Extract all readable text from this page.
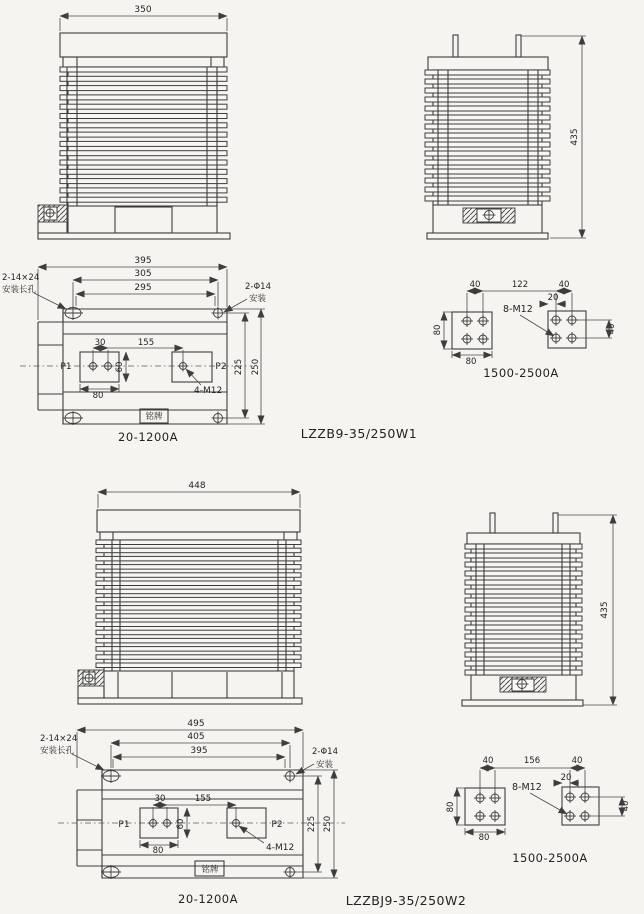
350
435
395
305
295
2-14×24
安装长孔	2-Φ14
安装
30	155
60
80
P1	P2
4-M12
225 250
铭牌
20-1200A
40	122	40
20
8-M12
80
80
40
1500-2500A
LZZB9-35/250W1
448
435
495
405
395
2-14×24
安装长孔	2-Φ14
安装
30	155
60
80
P1	P2
4-M12
225 250
铭牌
20-1200A
40	156	40
20
8-M12
80
80
40
1500-2500A
LZZBJ9-35/250W2
